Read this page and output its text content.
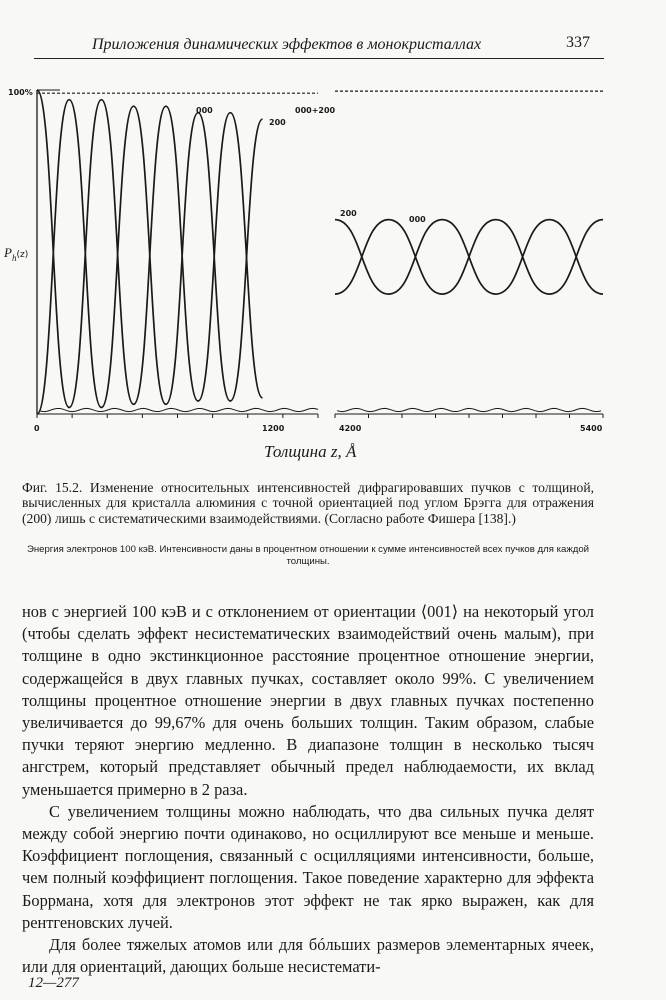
Приложения динамических эффектов в монокристаллах	337
100%
$P_h^{(z)}$
000
200
000+200
200
000
0	1200	4200	5400
Толщина z, Å
Фиг. 15.2. Изменение относительных интенсивностей дифрагировавших пучков с толщиной, вычисленных для кристалла алюминия с точной ориентацией под углом Брэгга для отражения (200) лишь с систематическими взаимодействиями. (Согласно работе Фишера [138].)
Энергия электронов 100 кэВ. Интенсивности даны в процентном отношении к сумме интенсивностей всех пучков для каждой толщины.

нов с энергией 100 кэВ и с отклонением от ориентации ⟨001⟩ на некоторый угол (чтобы сделать эффект несистематических взаимодействий очень малым), при толщине в одно экстинкционное расстояние процентное отношение энергии, содержащейся в двух главных пучках, составляет около 99%. С увеличением толщины процентное отношение энергии в двух главных пучках постепенно увеличивается до 99,67% для очень больших толщин. Таким образом, слабые пучки теряют энергию медленно. В диапазоне толщин в несколько тысяч ангстрем, который представляет обычный предел наблюдаемости, их вклад уменьшается примерно в 2 раза.

С увеличением толщины можно наблюдать, что два сильных пучка делят между собой энергию почти одинаково, но осциллируют все меньше и меньше. Коэффициент поглощения, связанный с осцилляциями интенсивности, больше, чем полный коэффициент поглощения. Такое поведение характерно для эффекта Боррмана, хотя для электронов этот эффект не так ярко выражен, как для рентгеновских лучей.

Для более тяжелых атомов или для бóльших размеров элементарных ячеек, или для ориентаций, дающих больше несистемати-

12—277
